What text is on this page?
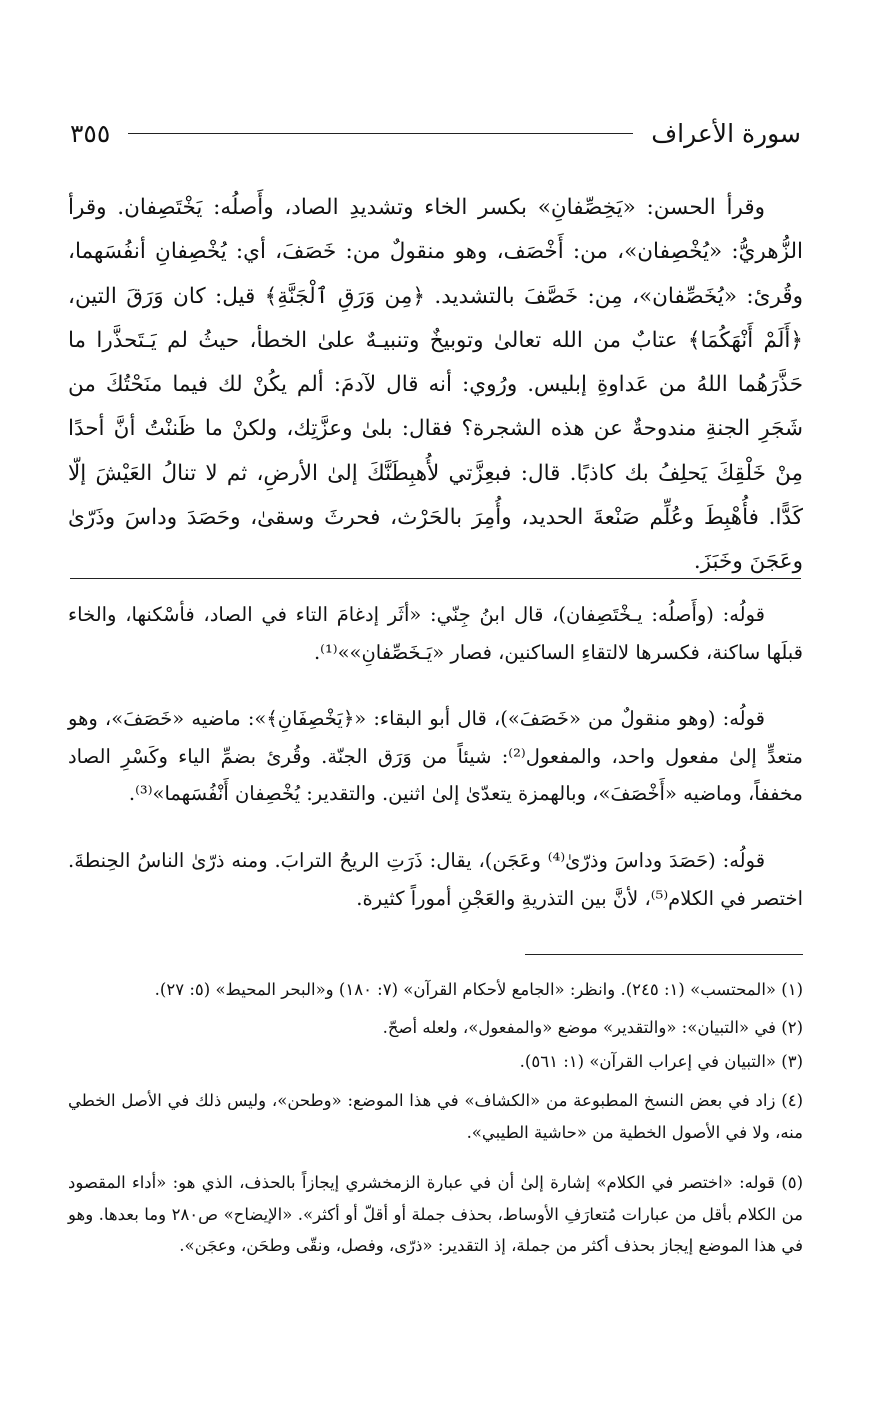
سورة الأعراف
٣٥٥

وقرأ الحسن: «يَخِصِّفانِ» بكسر الخاء وتشديدِ الصاد، وأَصلُه: يَخْتَصِفان. وقرأ الزُّهريُّ: «يُخْصِفان»، من: أَخْصَف، وهو منقولٌ من: خَصَفَ، أي: يُخْصِفانِ أنفُسَهما، وقُرئ: «يُخَصِّفان»، مِن: خَصَّفَ بالتشديد. ﴿مِن وَرَقِ ٱلْجَنَّةِ﴾ قيل: كان وَرَقَ التين، ﴿أَلَمْ أَنْهَكُمَا﴾ عتابٌ من الله تعالىٰ وتوبيخٌ وتنبيـهٌ علىٰ الخطأ، حيثُ لم يَـتَحذَّرا ما حَذَّرَهُما اللهُ من عَداوةِ إبليس. ورُوي: أنه قال لآدمَ: ألم يكُنْ لك فيما منَحْتُكَ من شَجَرِ الجنةِ مندوحةٌ عن هذه الشجرة؟ فقال: بلىٰ وعزَّتِك، ولكنْ ما ظَننْتُ أنَّ أحدًا مِنْ خَلْقِكَ يَحلِفُ بك كاذبًا. قال: فبعِزَّتي لأُهبِطَنَّكَ إلىٰ الأرضِ، ثم لا تنالُ العَيْشَ إلّا كَدًّا. فأُهْبِطَ وعُلِّم صَنْعةَ الحديد، وأُمِرَ بالحَرْث، فحرثَ وسقىٰ، وحَصَدَ وداسَ وذَرّىٰ وعَجَنَ وخَبَزَ.

قولُه: (وأَصلُه: يـخْتَصِفان)، قال ابنُ جِنّي: «أثَر إدغامَ التاء في الصاد، فأسْكنها، والخاء قبلَها ساكنة، فكسرها لالتقاءِ الساكنين، فصار «يَـخَصِّفانِ»»⁽¹⁾.

قولُه: (وهو منقولٌ من «خَصَفَ»)، قال أبو البقاء: «﴿يَخْصِفَانِ﴾»: ماضيه «خَصَفَ»، وهو متعدٍّ إلىٰ مفعول واحد، والمفعول⁽²⁾: شيئاً من وَرَق الجنّة. وقُرئ بضمِّ الياء وكَسْرِ الصاد مخففاً، وماضيه «أَخْصَفَ»، وبالهمزة يتعدّىٰ إلىٰ اثنين. والتقدير: يُخْصِفان أَنْفُسَهما»⁽³⁾.

قولُه: (حَصَدَ وداسَ وذرّىٰ⁽⁴⁾ وعَجَن)، يقال: ذَرَتِ الريحُ الترابَ. ومنه ذرّىٰ الناسُ الحِنطةَ. اختصر في الكلام⁽⁵⁾، لأنَّ بين التذريةِ والعَجْنِ أموراً كثيرة.

(١) «المحتسب» (١: ٢٤٥). وانظر: «الجامع لأحكام القرآن» (٧: ١٨٠) و«البحر المحيط» (٥: ٢٧).

(٢) في «التبيان»: «والتقدير» موضع «والمفعول»، ولعله أصحّ.

(٣) «التبيان في إعراب القرآن» (١: ٥٦١).

(٤) زاد في بعض النسخ المطبوعة من «الكشاف» في هذا الموضع: «وطحن»، وليس ذلك في الأصل الخطي منه، ولا في الأصول الخطية من «حاشية الطيبي».

(٥) قوله: «اختصر في الكلام» إشارة إلىٰ أن في عبارة الزمخشري إيجازاً بالحذف، الذي هو: «أداء المقصود من الكلام بأقل من عبارات مُتعارَفِ الأوساط، بحذف جملة أو أقلّ أو أكثر». «الإيضاح» ص٢٨٠ وما بعدها. وهو في هذا الموضع إيجاز بحذف أكثر من جملة، إذ التقدير: «ذرّى، وفصل، ونقّى وطحَن، وعجَن».
